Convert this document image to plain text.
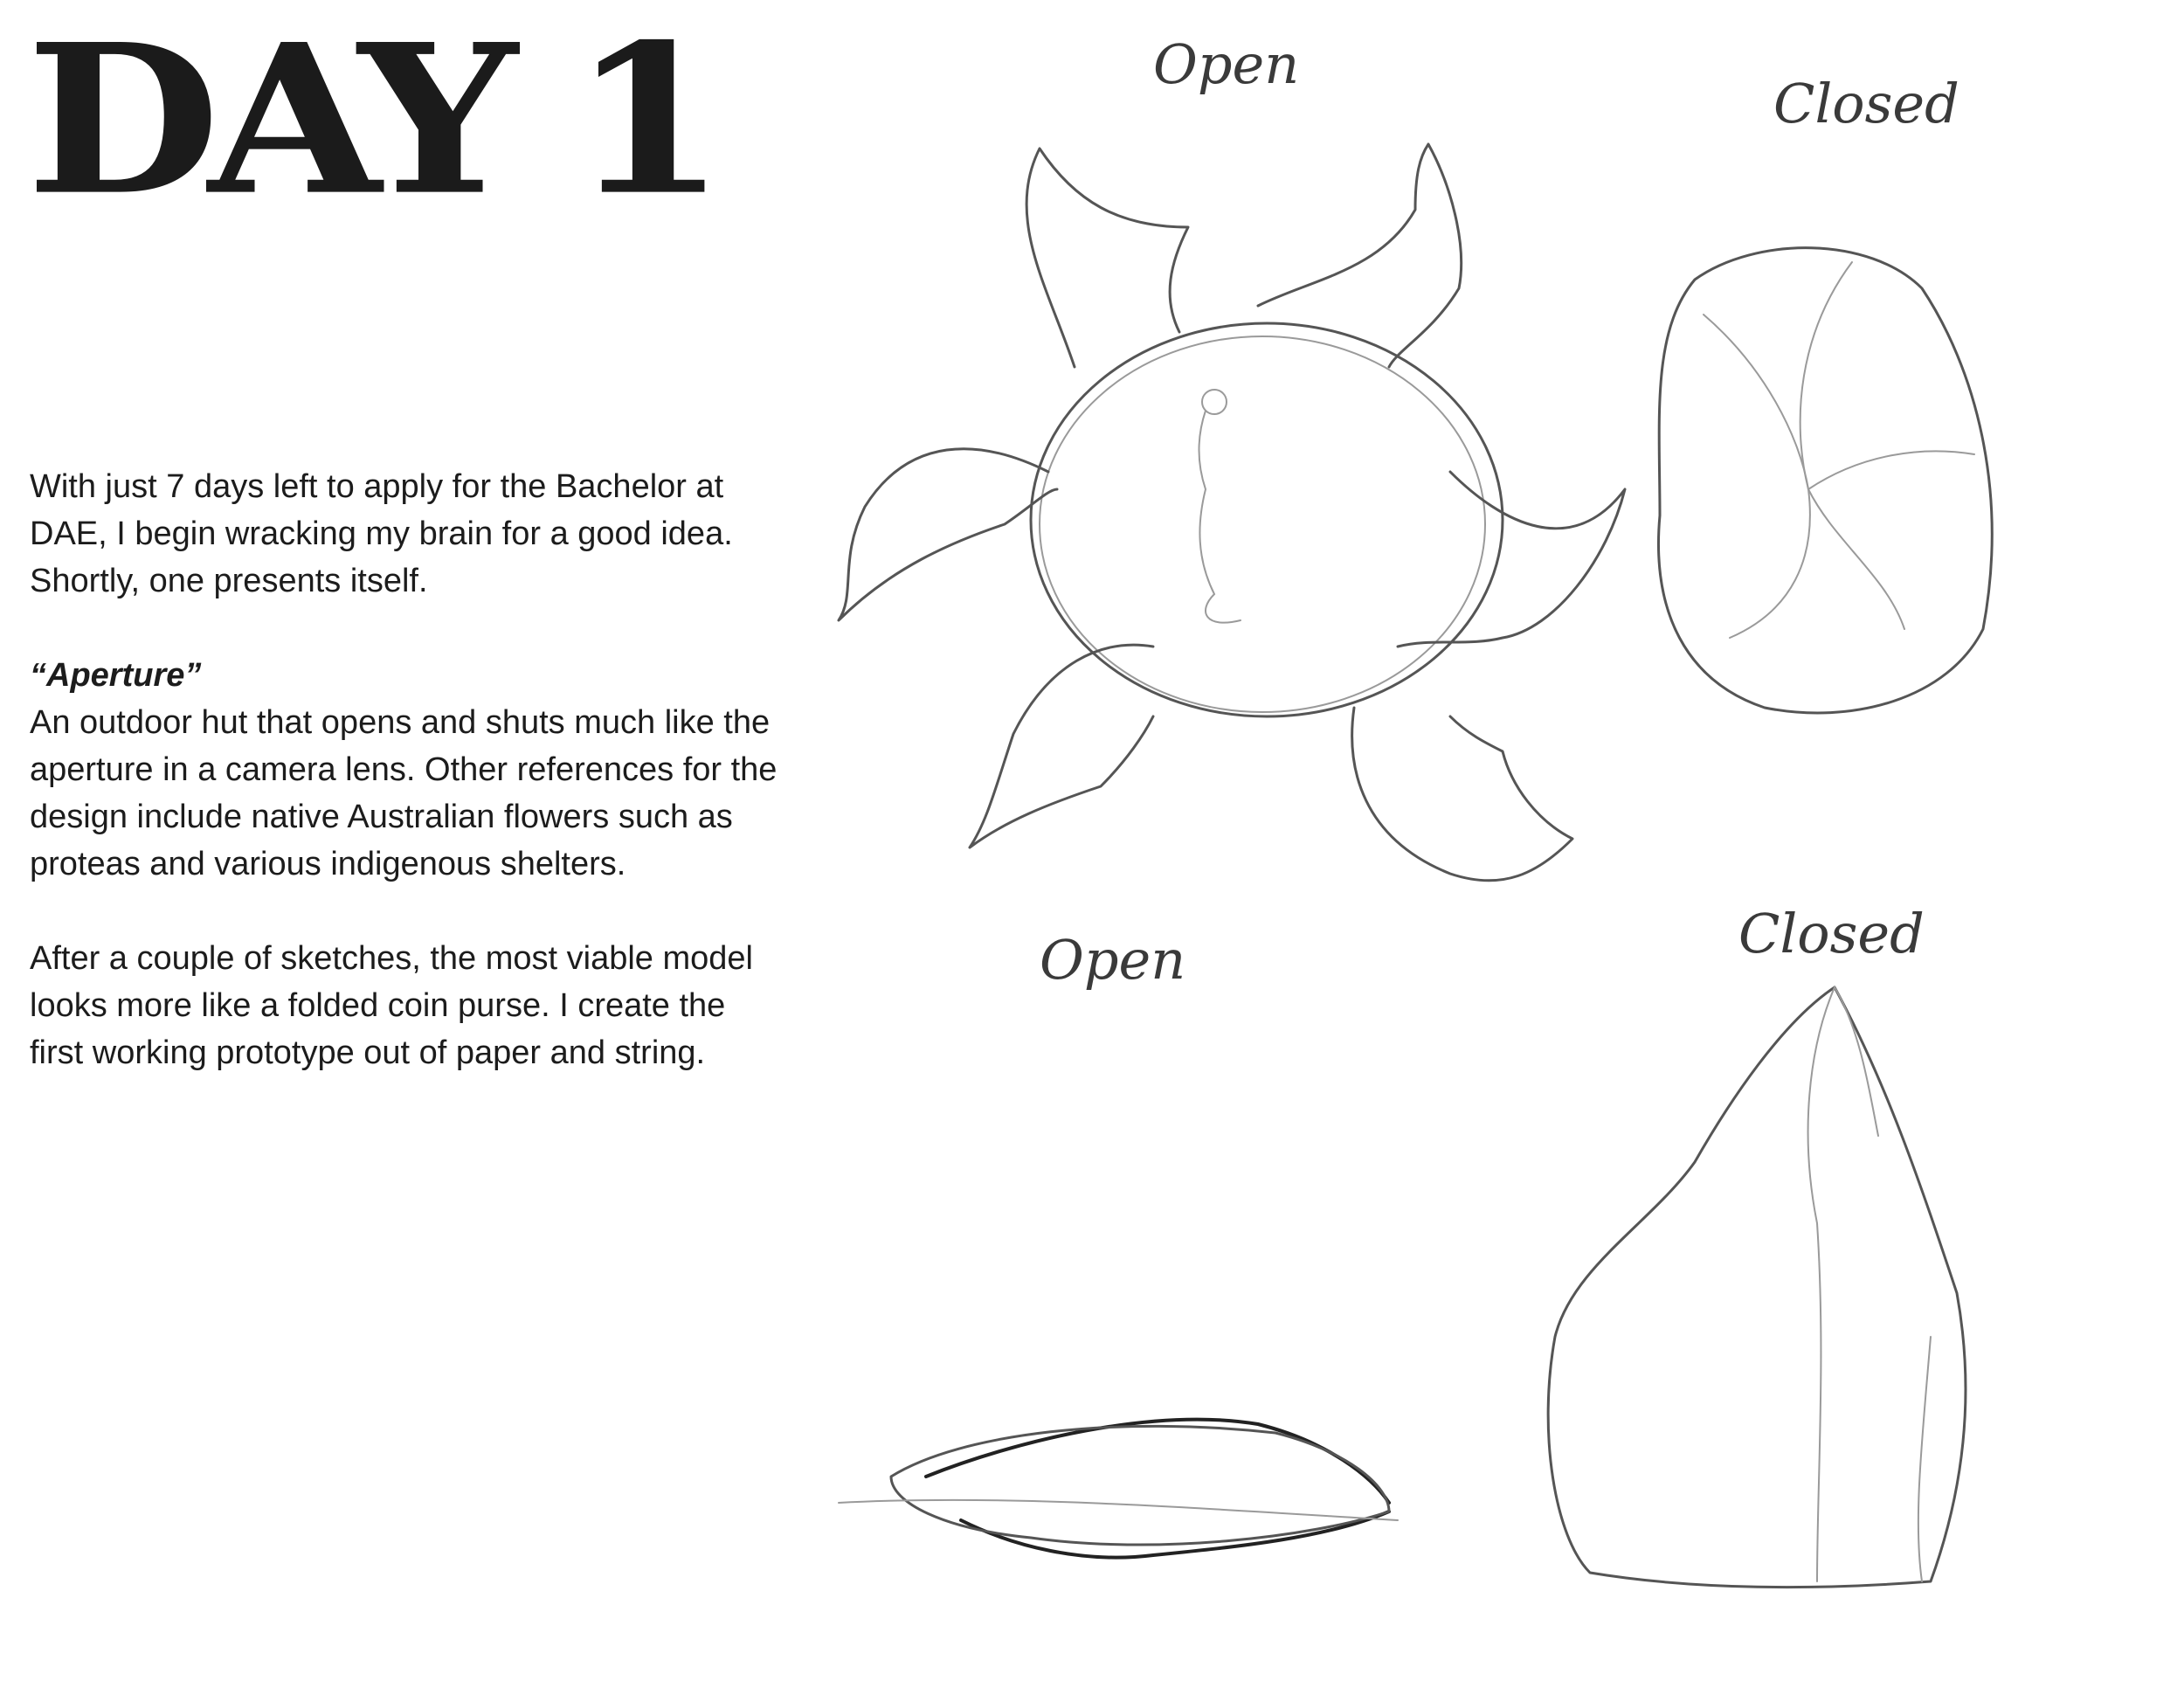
DAY 1

With just 7 days left to apply for the Bachelor at DAE, I begin wracking my brain for a good idea. Shortly, one presents itself.

“Aperture”

An outdoor hut that opens and shuts much like the aperture in a camera lens. Other references for the design include native Australian flowers such as proteas and various indigenous shelters.

After a couple of sketches, the most viable model looks more like a folded coin purse. I create the first working prototype out of paper and string.

Open
Closed
Open	Closed
